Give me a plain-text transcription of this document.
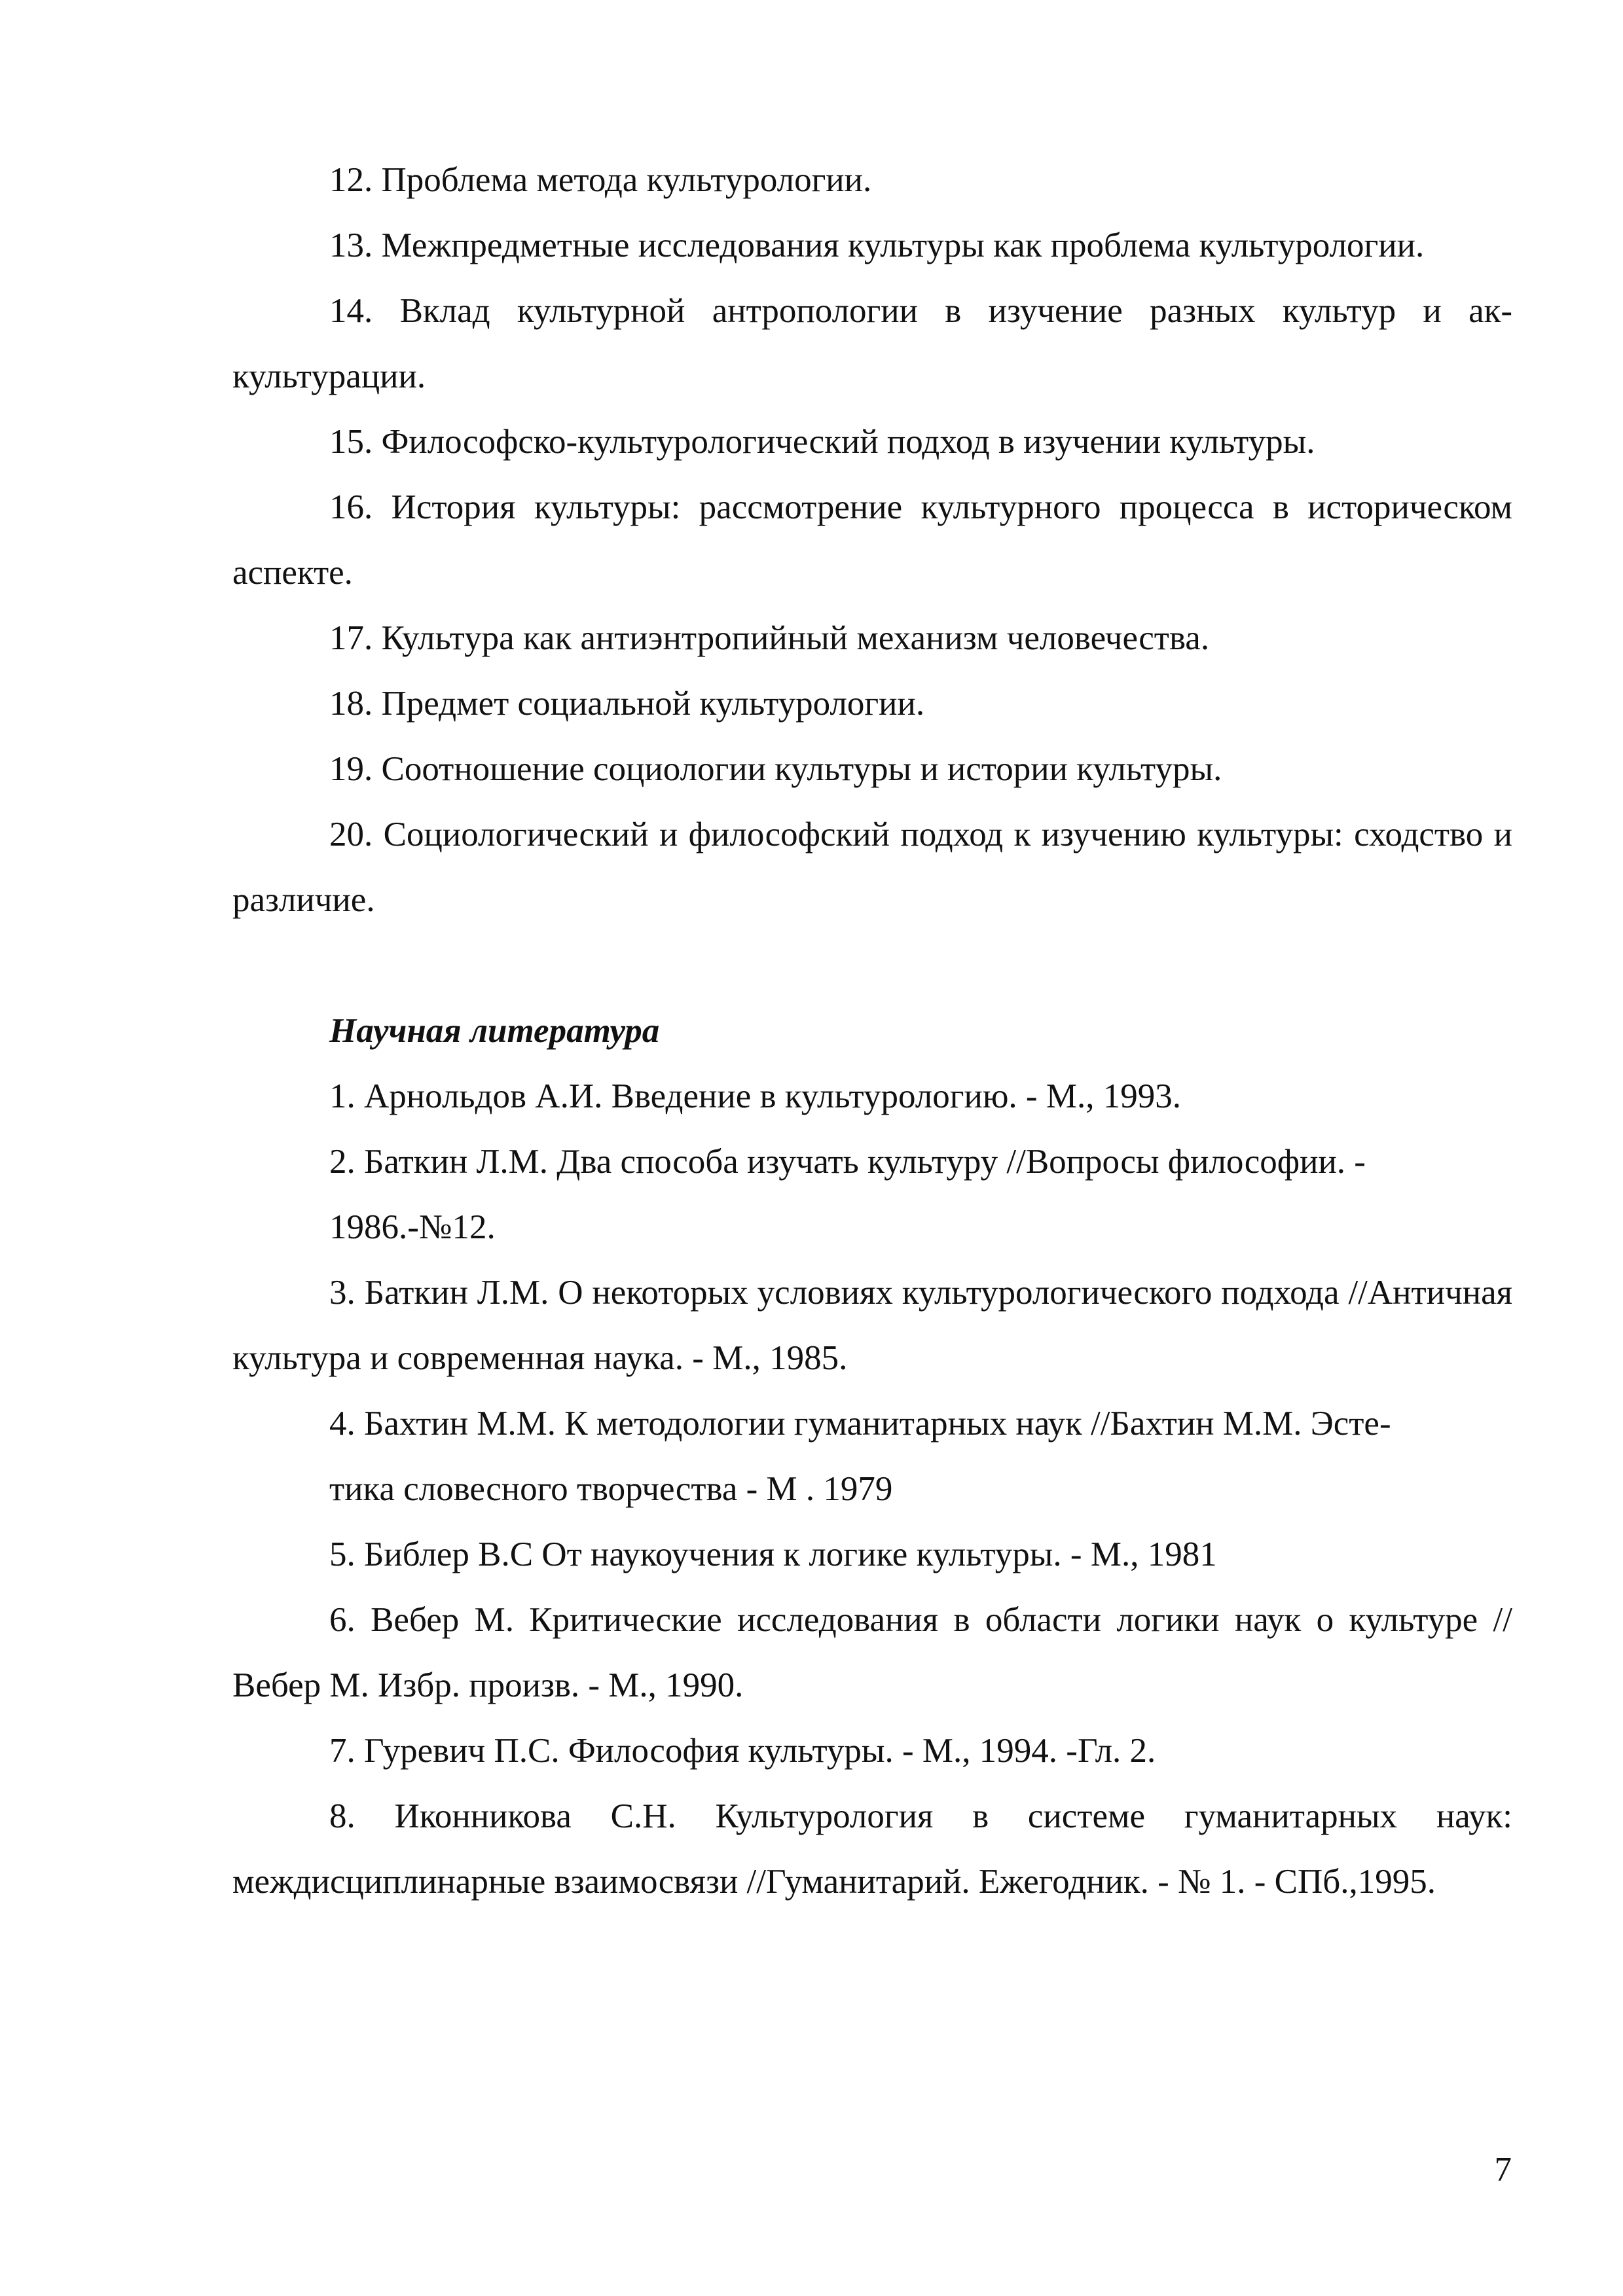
12. Проблема метода культурологии.

13. Межпредметные исследования культуры как проблема культурологии.

14. Вклад культурной антропологии в изучение разных культур и ак-культурации.

15. Философско-культурологический подход в изучении культуры.

16. История культуры: рассмотрение культурного процесса в историческом аспекте.

17. Культура как антиэнтропийный механизм человечества.

18. Предмет социальной культурологии.

19. Соотношение социологии культуры и истории культуры.

20. Социологический и философский подход к изучению культуры: сходство и различие.

Научная литература

1. Арнольдов А.И. Введение в культурологию. - М., 1993.

2. Баткин Л.М. Два способа изучать культуру //Вопросы философии. -

1986.-№12.

3. Баткин Л.М. О некоторых условиях культурологического подхода //Античная культура и современная наука. - М., 1985.

4. Бахтин М.М. К методологии гуманитарных наук //Бахтин М.М. Эсте-

тика словесного творчества - М . 1979

5. Библер В.С От наукоучения к логике культуры. - М., 1981

6. Вебер М. Критические исследования в области логики наук о культуре //Вебер М. Избр. произв. - М., 1990.

7. Гуревич П.С. Философия культуры. - М., 1994. -Гл. 2.

8. Иконникова С.Н. Культурология в системе гуманитарных наук: междисциплинарные взаимосвязи //Гуманитарий. Ежегодник. - № 1. - СПб.,1995.

7
